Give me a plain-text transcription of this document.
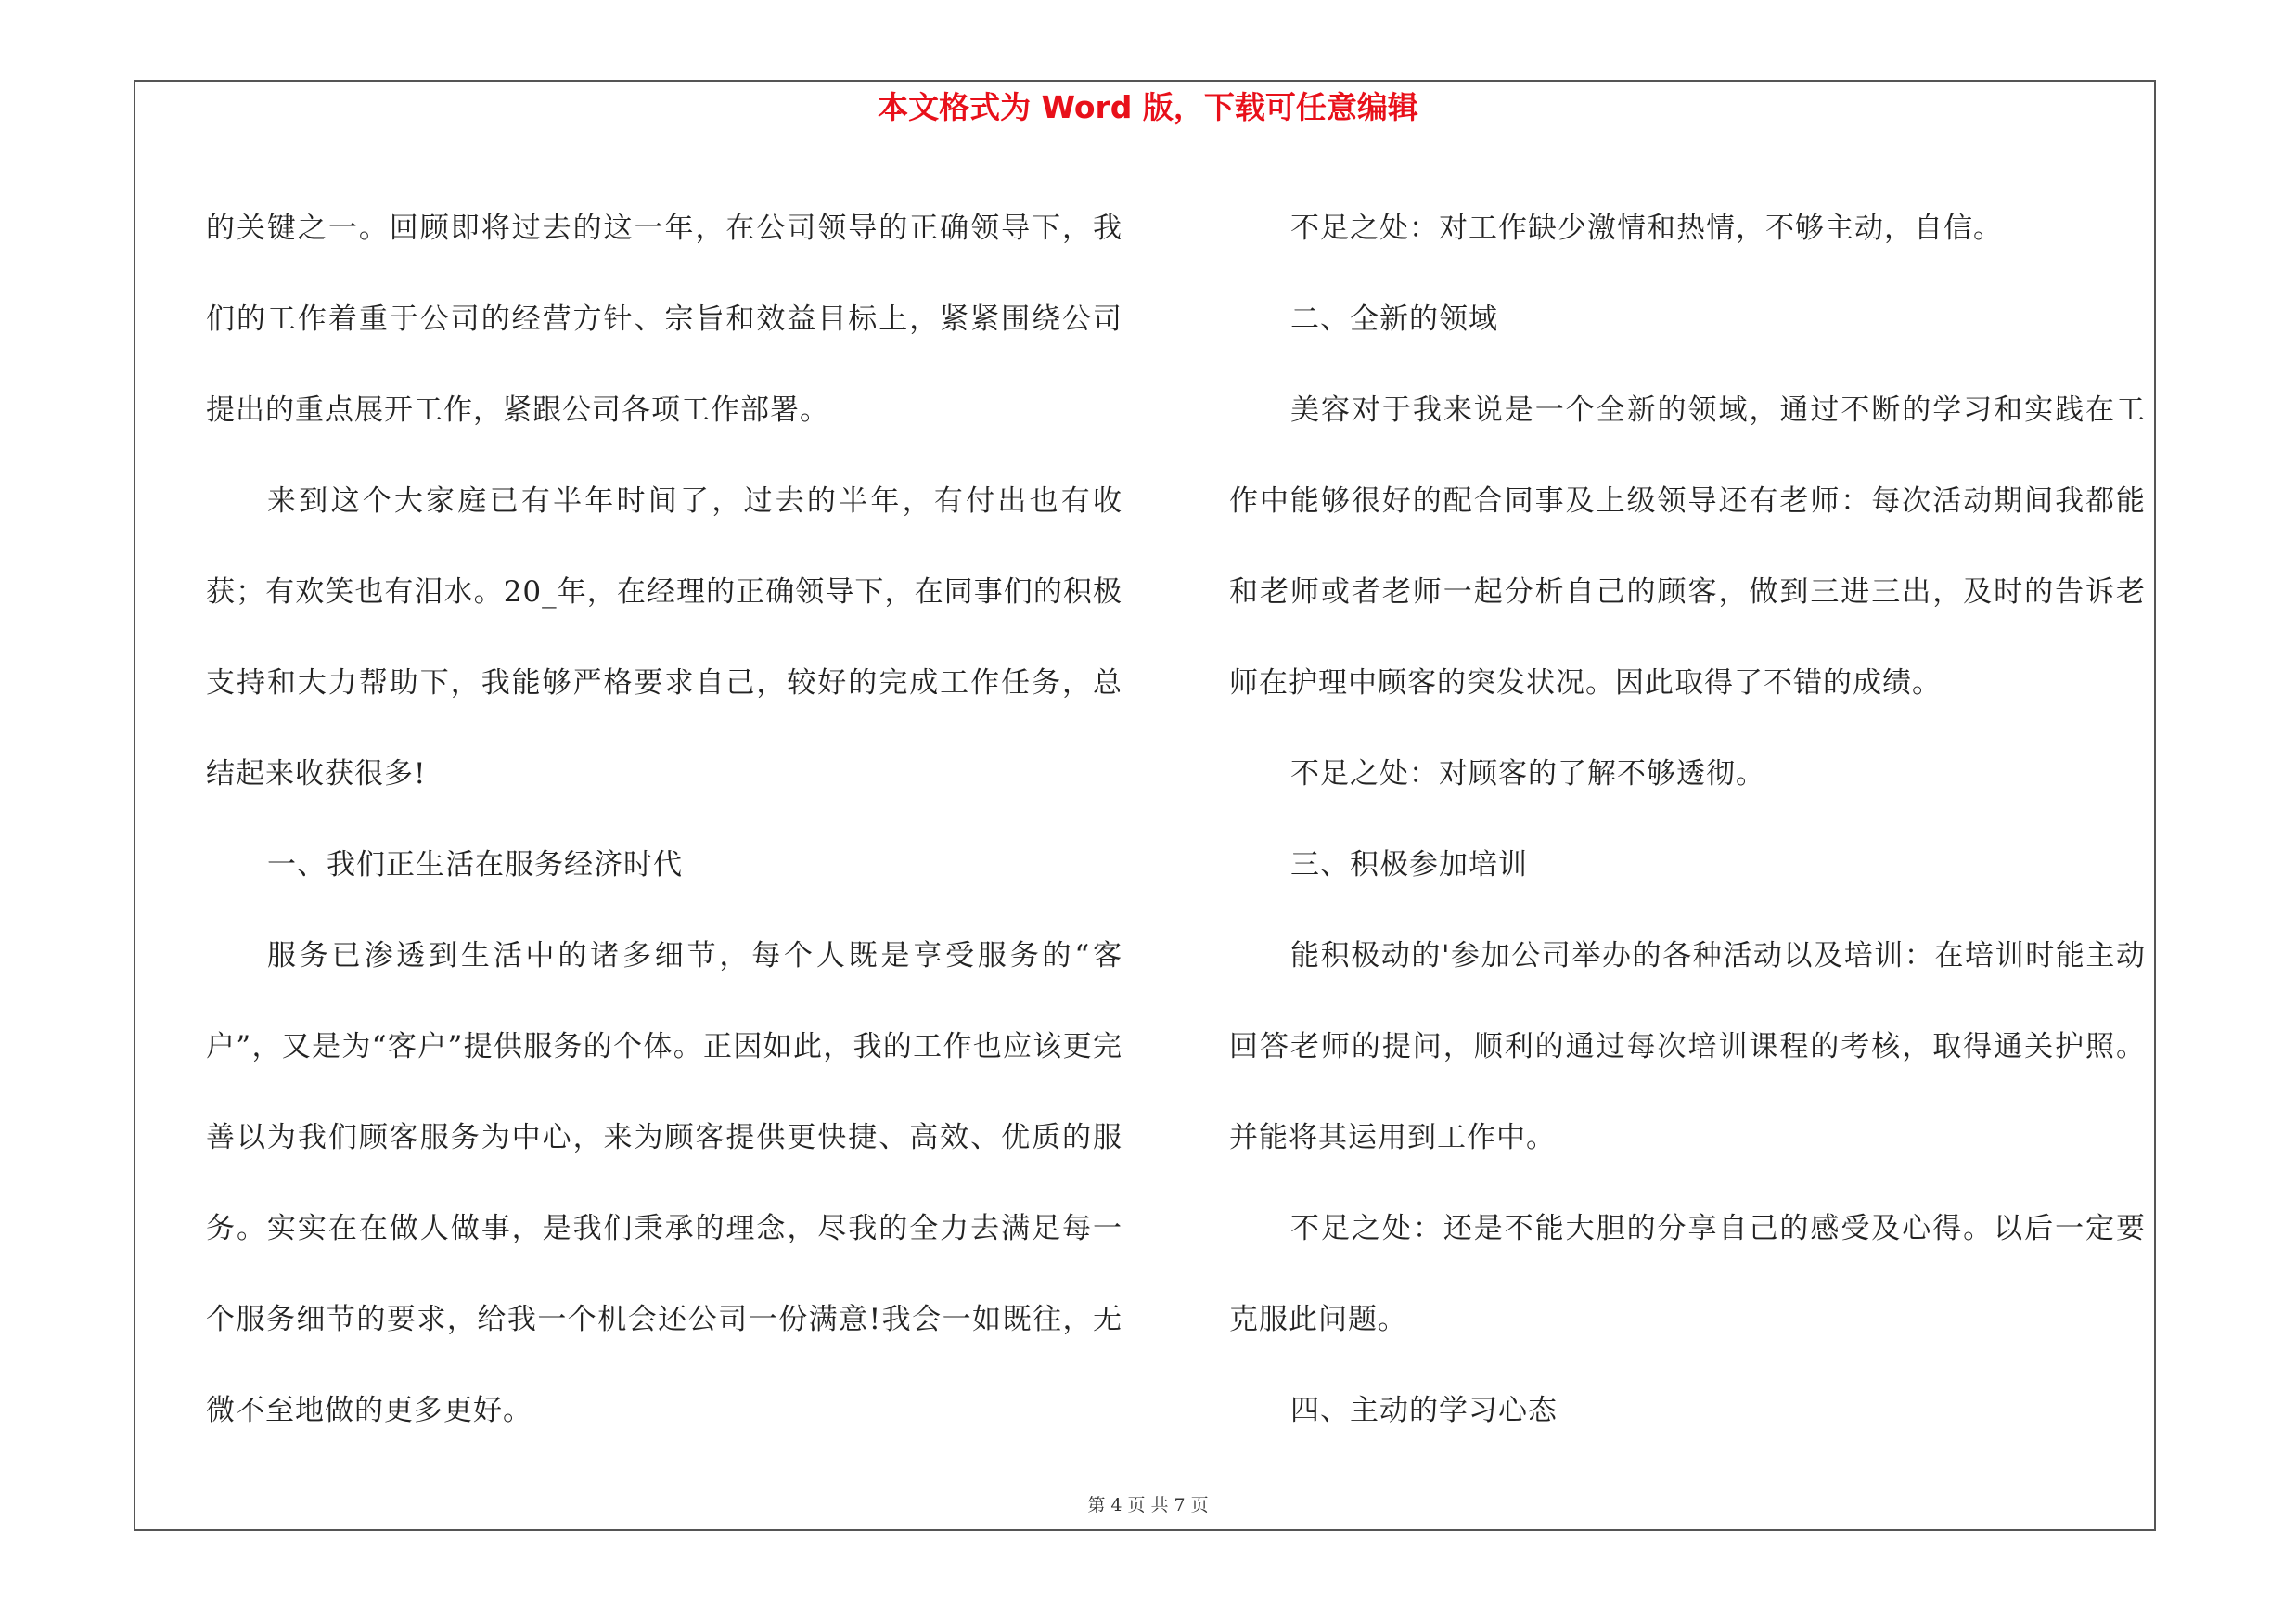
本文格式为 Word 版，下载可任意编辑

的关键之一。回顾即将过去的这一年，在公司领导的正确领导下，我们的工作着重于公司的经营方针、宗旨和效益目标上，紧紧围绕公司提出的重点展开工作，紧跟公司各项工作部署。

来到这个大家庭已有半年时间了，过去的半年，有付出也有收获；有欢笑也有泪水。20_年，在经理的正确领导下，在同事们的积极支持和大力帮助下，我能够严格要求自己，较好的完成工作任务，总结起来收获很多!

一、我们正生活在服务经济时代

服务已渗透到生活中的诸多细节，每个人既是享受服务的“客户”，又是为“客户”提供服务的个体。正因如此，我的工作也应该更完善以为我们顾客服务为中心，来为顾客提供更快捷、高效、优质的服务。实实在在做人做事，是我们秉承的理念，尽我的全力去满足每一个服务细节的要求，给我一个机会还公司一份满意!我会一如既往，无微不至地做的更多更好。

不足之处：对工作缺少激情和热情，不够主动，自信。

二、全新的领域

美容对于我来说是一个全新的领域，通过不断的学习和实践在工作中能够很好的配合同事及上级领导还有老师：每次活动期间我都能和老师或者老师一起分析自己的顾客，做到三进三出，及时的告诉老师在护理中顾客的突发状况。因此取得了不错的成绩。

不足之处：对顾客的了解不够透彻。

三、积极参加培训

能积极动的'参加公司举办的各种活动以及培训：在培训时能主动回答老师的提问，顺利的通过每次培训课程的考核，取得通关护照。并能将其运用到工作中。

不足之处：还是不能大胆的分享自己的感受及心得。以后一定要克服此问题。

四、主动的学习心态

第 4 页 共 7 页
